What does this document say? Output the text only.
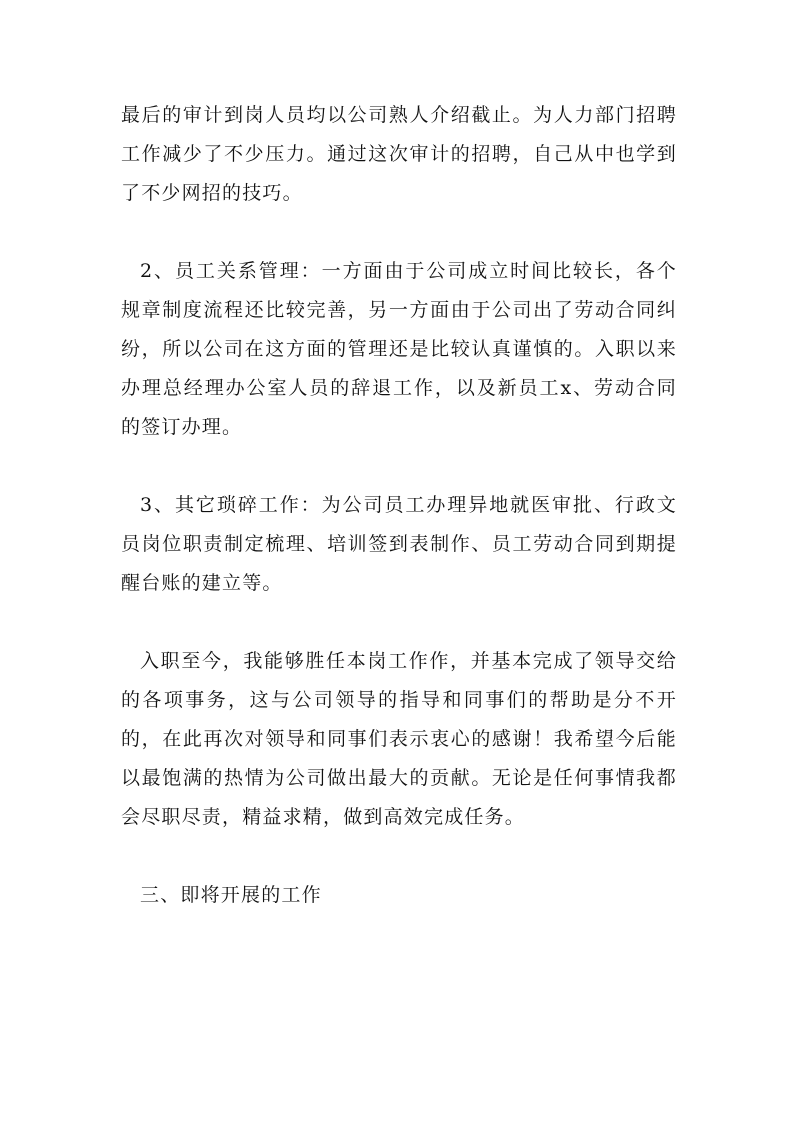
最后的审计到岗人员均以公司熟人介绍截止。为人力部门招聘工作减少了不少压力。通过这次审计的招聘，自己从中也学到了不少网招的技巧。

2、员工关系管理：一方面由于公司成立时间比较长，各个规章制度流程还比较完善，另一方面由于公司出了劳动合同纠纷，所以公司在这方面的管理还是比较认真谨慎的。入职以来办理总经理办公室人员的辞退工作，以及新员工x、劳动合同的签订办理。

3、其它琐碎工作：为公司员工办理异地就医审批、行政文员岗位职责制定梳理、培训签到表制作、员工劳动合同到期提醒台账的建立等。

入职至今，我能够胜任本岗工作作，并基本完成了领导交给的各项事务，这与公司领导的指导和同事们的帮助是分不开的，在此再次对领导和同事们表示衷心的感谢！我希望今后能以最饱满的热情为公司做出最大的贡献。无论是任何事情我都会尽职尽责，精益求精，做到高效完成任务。

三、即将开展的工作
